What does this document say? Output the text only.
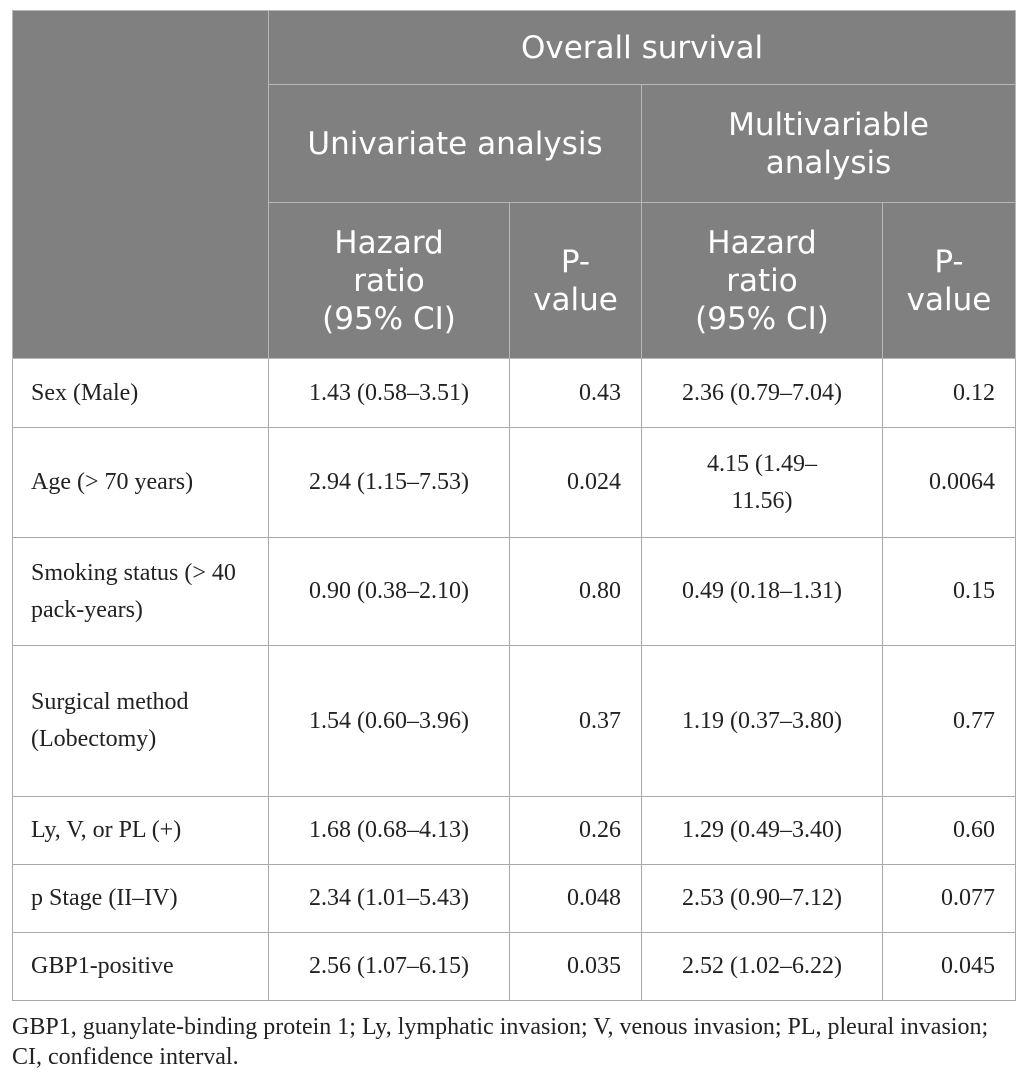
	Overall survival			
	Univariate analysis		Multivariable analysis	
	Hazard ratio (95% CI)	P-value	Hazard ratio (95% CI)	P-value
Sex (Male)	1.43 (0.58–3.51)	0.43	2.36 (0.79–7.04)	0.12
Age (> 70 years)	2.94 (1.15–7.53)	0.024	4.15 (1.49–11.56)	0.0064
Smoking status (> 40 pack-years)	0.90 (0.38–2.10)	0.80	0.49 (0.18–1.31)	0.15
Surgical method (Lobectomy)	1.54 (0.60–3.96)	0.37	1.19 (0.37–3.80)	0.77
Ly, V, or PL (+)	1.68 (0.68–4.13)	0.26	1.29 (0.49–3.40)	0.60
p Stage (II–IV)	2.34 (1.01–5.43)	0.048	2.53 (0.90–7.12)	0.077
GBP1-positive	2.56 (1.07–6.15)	0.035	2.52 (1.02–6.22)	0.045

GBP1, guanylate-binding protein 1; Ly, lymphatic invasion; V, venous invasion; PL, pleural invasion; CI, confidence interval.
